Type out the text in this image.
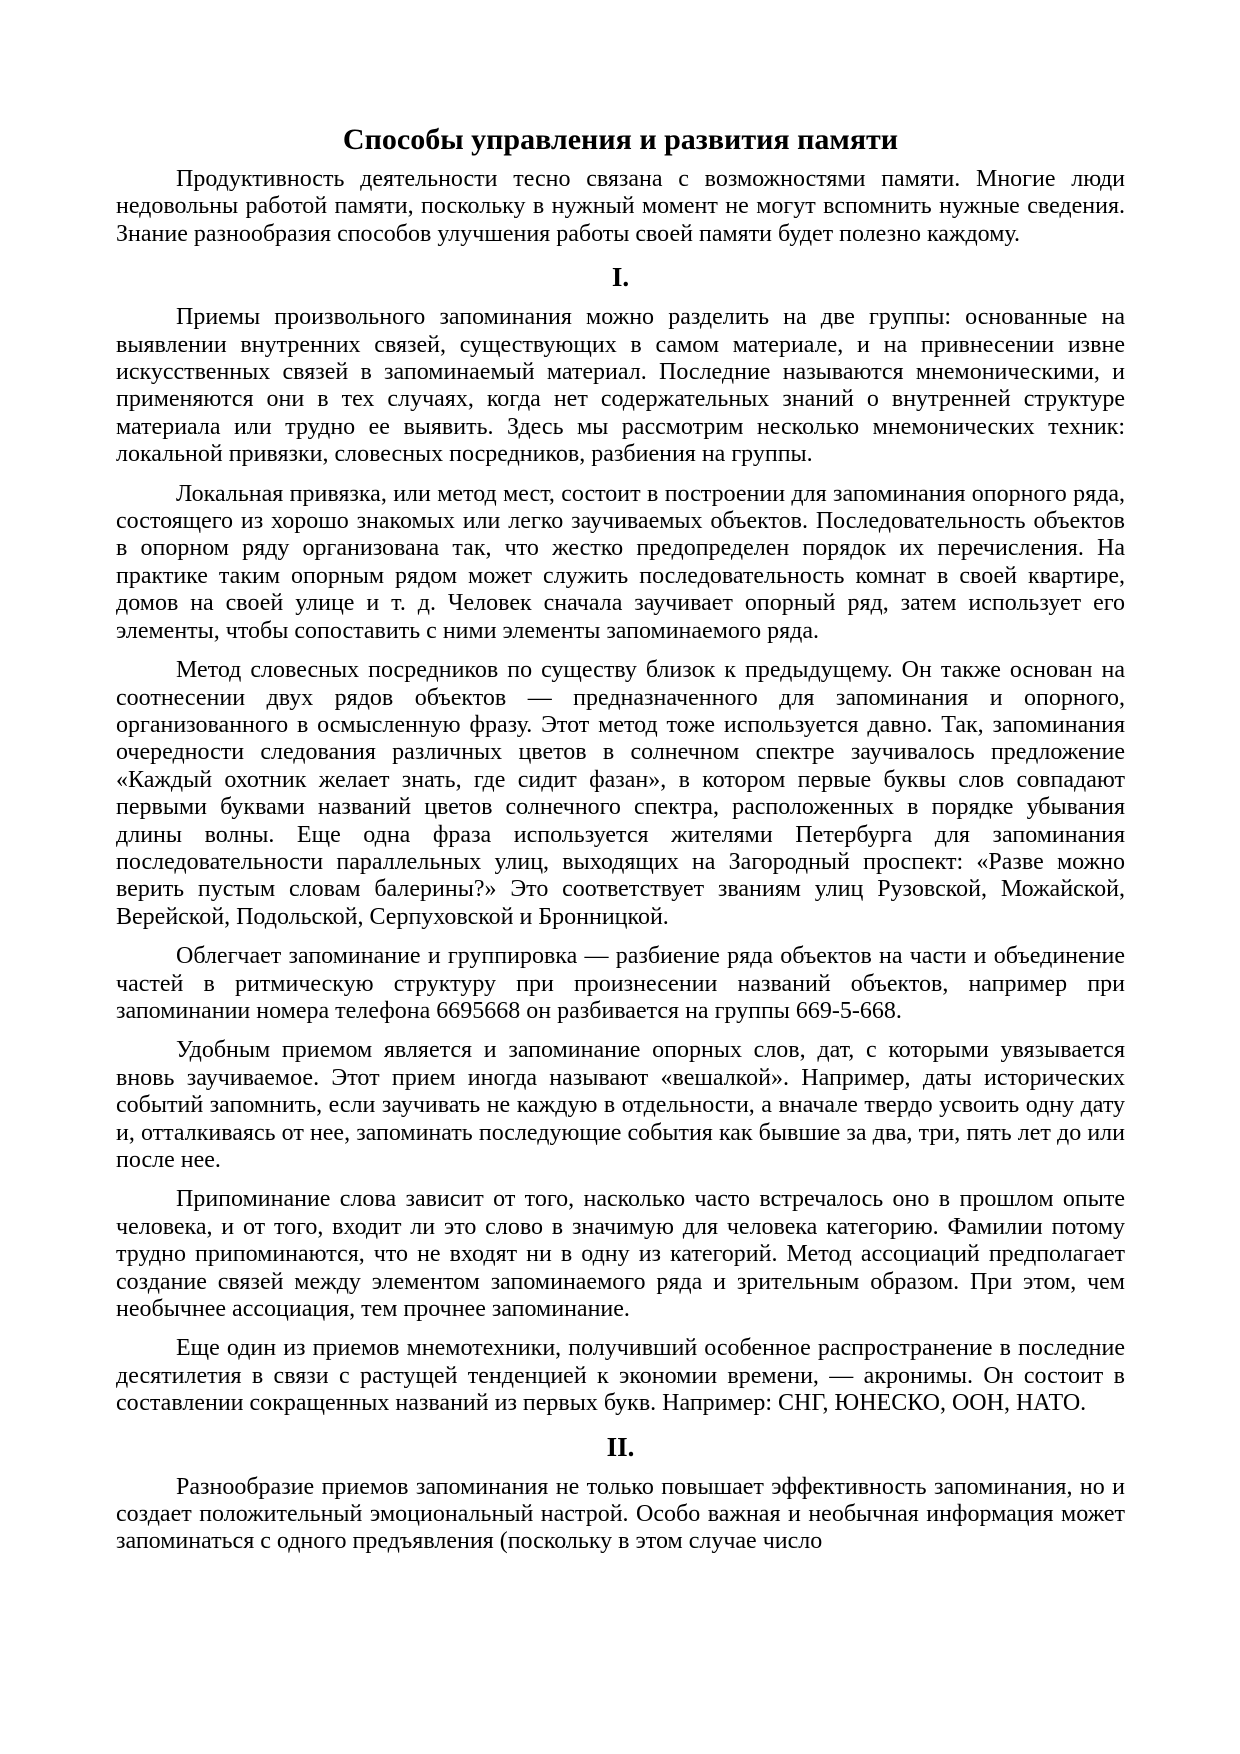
Способы управления и развития памяти

Продуктивность деятельности тесно связана с возможностями памяти. Многие люди недовольны работой памяти, поскольку в нужный момент не могут вспомнить нужные сведения. Знание разнообразия способов улучшения работы своей памяти будет полезно каждому.

I.

Приемы произвольного запоминания можно разделить на две группы: основанные на выявлении внутренних связей, существующих в самом материале, и на привнесении извне искусственных связей в запоминаемый материал. Последние называются мнемоническими, и применяются они в тех случаях, когда нет содержательных знаний о внутренней структуре материала или трудно ее выявить. Здесь мы рассмотрим несколько мнемонических техник: локальной привязки, словесных посредников, разбиения на группы.

Локальная привязка, или метод мест, состоит в построении для запоминания опорного ряда, состоящего из хорошо знакомых или легко заучиваемых объектов. Последовательность объектов в опорном ряду организована так, что жестко предопределен порядок их перечисления. На практике таким опорным рядом может служить последовательность комнат в своей квартире, домов на своей улице и т. д. Человек сначала заучивает опорный ряд, затем использует его элементы, чтобы сопоставить с ними элементы запоминаемого ряда.

Метод словесных посредников по существу близок к предыдущему. Он также основан на соотнесении двух рядов объектов — предназначенного для запоминания и опорного, организованного в осмысленную фразу. Этот метод тоже используется давно. Так, запоминания очередности следования различных цветов в солнечном спектре заучивалось предложение «Каждый охотник желает знать, где сидит фазан», в котором первые буквы слов совпадают первыми буквами названий цветов солнечного спектра, расположенных в порядке убывания длины волны. Еще одна фраза используется жителями Петербурга для запоминания последовательности параллельных улиц, выходящих на Загородный проспект: «Разве можно верить пустым словам балерины?» Это соответствует званиям улиц Рузовской, Можайской, Верейской, Подольской, Серпуховской и Бронницкой.

Облегчает запоминание и группировка — разбиение ряда объектов на части и объединение частей в ритмическую структуру при произнесении названий объектов, например при запоминании номера телефона 6695668 он разбивается на группы 669-5-668.

Удобным приемом является и запоминание опорных слов, дат, с которыми увязывается вновь заучиваемое. Этот прием иногда называют «вешалкой». Например, даты исторических событий запомнить, если заучивать не каждую в отдельности, а вначале твердо усвоить одну дату и, отталкиваясь от нее, запоминать последующие события как бывшие за два, три, пять лет до или после нее.

Припоминание слова зависит от того, насколько часто встречалось оно в прошлом опыте человека, и от того, входит ли это слово в значимую для человека категорию. Фамилии потому трудно припоминаются, что не входят ни в одну из категорий. Метод ассоциаций предполагает создание связей между элементом запоминаемого ряда и зрительным образом. При этом, чем необычнее ассоциация, тем прочнее запоминание.

Еще один из приемов мнемотехники, получивший особенное распространение в последние десятилетия в связи с растущей тенденцией к экономии времени, — акронимы. Он состоит в составлении сокращенных названий из первых букв. Например: СНГ, ЮНЕСКО, ООН, НАТО.

II.

Разнообразие приемов запоминания не только повышает эффективность запоминания, но и создает положительный эмоциональный настрой. Особо важная и необычная информация может запоминаться с одного предъявления (поскольку в этом случае число
